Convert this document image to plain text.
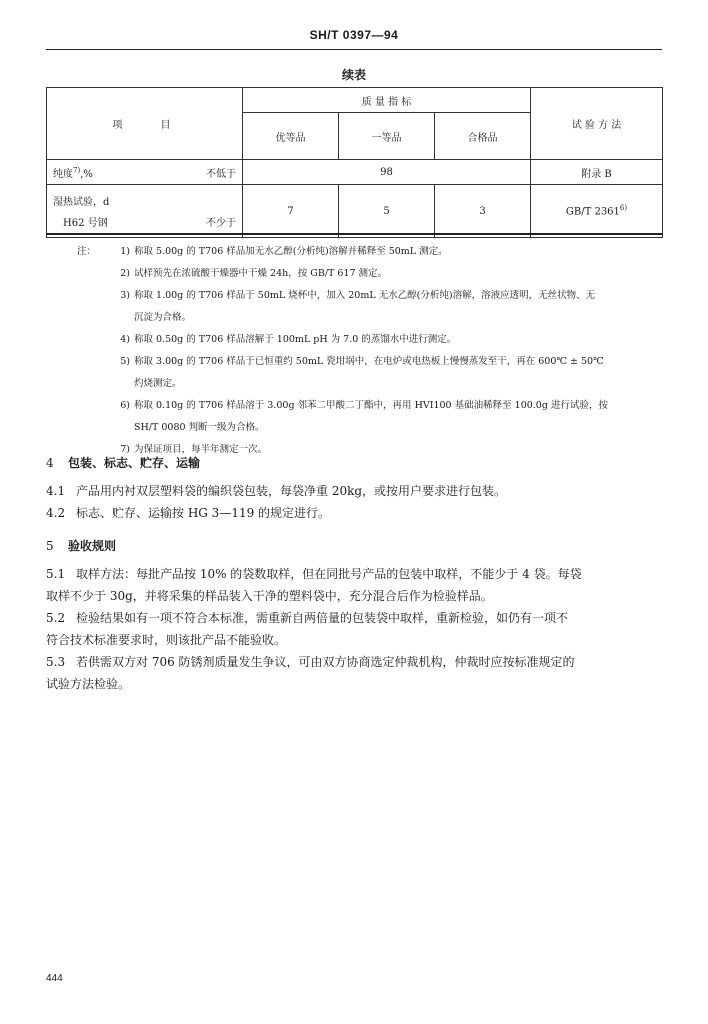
SH/T 0397—94
续表
项　　目	质 量 指 标			试 验 方 法
	优等品	一等品	合格品	

纯度$^{7)}$,% 不低于	98			附录 B

湿热试验，d
H62 号钢 不少于	7	5	3	GB/T 2361$^{6)}$
注：	1) 称取 5.00g 的 T706 样品加无水乙醇(分析纯)溶解并稀释至 50mL 测定。
2) 试样预先在浓硫酸干燥器中干燥 24h，按 GB/T 617 测定。
3) 称取 1.00g 的 T706 样品于 50mL 烧杯中，加入 20mL 无水乙醇(分析纯)溶解，溶液应透明，无丝状物、无
沉淀为合格。
4) 称取 0.50g 的 T706 样品溶解于 100mL pH 为 7.0 的蒸馏水中进行测定。
5) 称取 3.00g 的 T706 样品于已恒重约 50mL 瓷坩埚中，在电炉或电热板上慢慢蒸发至干，再在 600℃ ± 50℃
灼烧测定。
6) 称取 0.10g 的 T706 样品溶于 3.00g 邻苯二甲酸二丁酯中，再用 HVI100 基础油稀释至 100.0g 进行试验，按
SH/T 0080 判断一级为合格。
7) 为保证项目，每半年测定一次。
4 包装、标志、贮存、运输
4.1 产品用内衬双层塑料袋的编织袋包装，每袋净重 20kg，或按用户要求进行包装。
4.2 标志、贮存、运输按 HG 3—119 的规定进行。
5 验收规则
5.1 取样方法：每批产品按 10% 的袋数取样，但在同批号产品的包装中取样，不能少于 4 袋。每袋
取样不少于 30g，并将采集的样品装入干净的塑料袋中，充分混合后作为检验样品。
5.2 检验结果如有一项不符合本标准，需重新自两倍量的包装袋中取样，重新检验，如仍有一项不
符合技术标准要求时，则该批产品不能验收。
5.3 若供需双方对 706 防锈剂质量发生争议，可由双方协商选定仲裁机构，仲裁时应按标准规定的
试验方法检验。
444
